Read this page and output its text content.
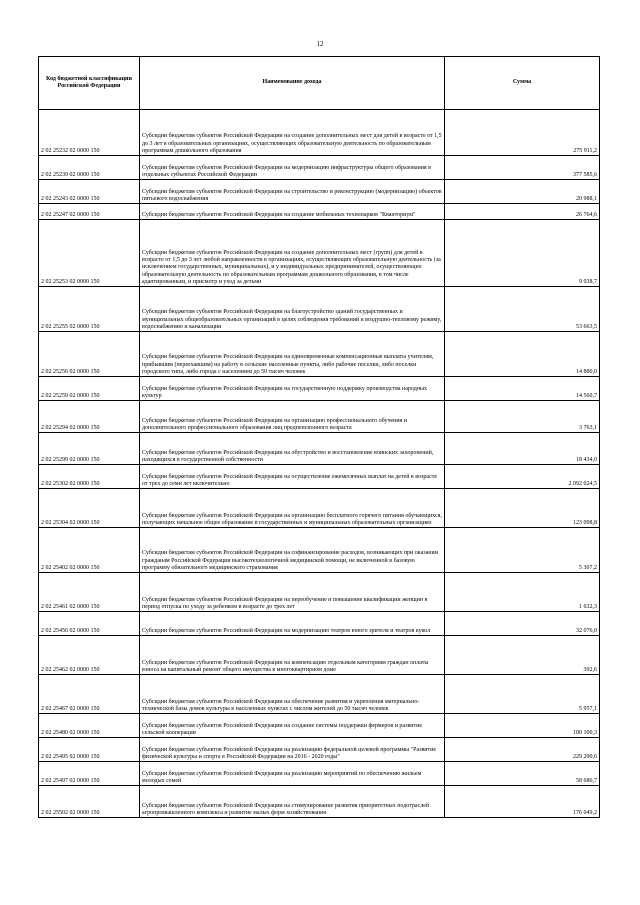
12
Код бюджетной классификации Российской Федерации	Наименование дохода	Сумма
2 02 25232 02 0000 150	Субсидии бюджетам субъектов Российской Федерации на создание дополнительных мест для детей в возрасте от 1,5 до 3 лет в образовательных организациях, осуществляющих образовательную деятельность по образовательным программам дошкольного образования	275 911,2
2 02 25239 02 0000 150	Субсидии бюджетам субъектов Российской Федерации на модернизацию инфраструктуры общего образования в отдельных субъектах Российской Федерации	377 585,6
2 02 25243 02 0000 150	Субсидии бюджетам субъектов Российской Федерации на строительство и реконструкцию (модернизацию) объектов питьевого водоснабжения	20 988,1
2 02 25247 02 0000 150	Субсидии бюджетам субъектов Российской Федерации на создание мобильных технопарков "Кванториум"	26 764,6
2 02 25253 02 0000 150	Субсидии бюджетам субъектов Российской Федерации на создание дополнительных мест (групп) для детей в возрасте от 1,5 до 3 лет любой направленности в организациях, осуществляющих образовательную деятельность (за исключением государственных, муниципальных), и у индивидуальных предпринимателей, осуществляющих образовательную деятельность по образовательным программам дошкольного образования, в том числе адаптированным, и присмотр и уход за детьми	9 038,7
2 02 25255 02 0000 150	Субсидии бюджетам субъектов Российской Федерации на благоустройство зданий государственных и муниципальных общеобразовательных организаций в целях соблюдения требований к воздушно-тепловому режиму, водоснабжению и канализации	53 663,5
2 02 25256 02 0000 150	Субсидии бюджетам субъектов Российской Федерации на единовременные компенсационные выплаты учителям, прибывшим (переехавшим) на работу в сельские населенные пункты, либо рабочие поселки, либо поселки городского типа, либо города с населением до 50 тысяч человек	14 880,0
2 02 25259 02 0000 150	Субсидии бюджетам субъектов Российской Федерации на государственную поддержку производства народных культур	14 560,7
2 02 25294 02 0000 150	Субсидии бюджетам субъектов Российской Федерации на организацию профессионального обучения и дополнительного профессионального образования лиц предпенсионного возраста	3 763,1
2 02 25299 02 0000 150	Субсидии бюджетам субъектов Российской Федерации на обустройство и восстановление воинских захоронений, находящихся в государственной собственности	18 434,0
2 02 25302 02 0000 150	Субсидии бюджетам субъектов Российской Федерации на осуществление ежемесячных выплат на детей в возрасте от трех до семи лет включительно	2 092 024,5
2 02 25304 02 0000 150	Субсидии бюджетам субъектов Российской Федерации на организацию бесплатного горячего питания обучающихся, получающих начальное общее образование в государственных и муниципальных образовательных организациях	123 098,8
2 02 25402 02 0000 150	Субсидии бюджетам субъектов Российской Федерации на софинансирование расходов, возникающих при оказании гражданам Российской Федерации высокотехнологичной медицинской помощи, не включенной в базовую программу обязательного медицинского страхования	5 307,2
2 02 25461 02 0000 150	Субсидии бюджетам субъектов Российской Федерации на переобучение и повышение квалификации женщин в период отпуска по уходу за ребенком в возрасте до трех лет	1 632,3
2 02 25456 02 0000 150	Субсидии бюджетам субъектов Российской Федерации на модернизацию театров юного зрителя и театров кукол	32 076,0
2 02 25462 02 0000 150	Субсидии бюджетам субъектов Российской Федерации на компенсацию отдельным категориям граждан оплаты взноса на капитальный ремонт общего имущества в многоквартирном доме	392,6
2 02 25467 02 0000 150	Субсидии бюджетам субъектов Российской Федерации на обеспечение развития и укрепления материально-технической базы домов культуры в населенных пунктах с числом жителей до 50 тысяч человек	5 957,1
2 02 25480 02 0000 150	Субсидии бюджетам субъектов Российской Федерации на создание системы поддержки фермеров и развитие сельской кооперации	100 100,3
2 02 25495 02 0000 150	Субсидии бюджетам субъектов Российской Федерации на реализацию федеральной целевой программы "Развитие физической культуры и спорта в Российской Федерации на 2016 - 2020 годы"	229 290,6
2 02 25497 02 0000 150	Субсидии бюджетам субъектов Российской Федерации на реализацию мероприятий по обеспечению жильем молодых семей	58 686,7
2 02 25502 02 0000 150	Субсидии бюджетам субъектов Российской Федерации на стимулирование развития приоритетных подотраслей агропромышленного комплекса и развитие малых форм хозяйствования	176 049,2
